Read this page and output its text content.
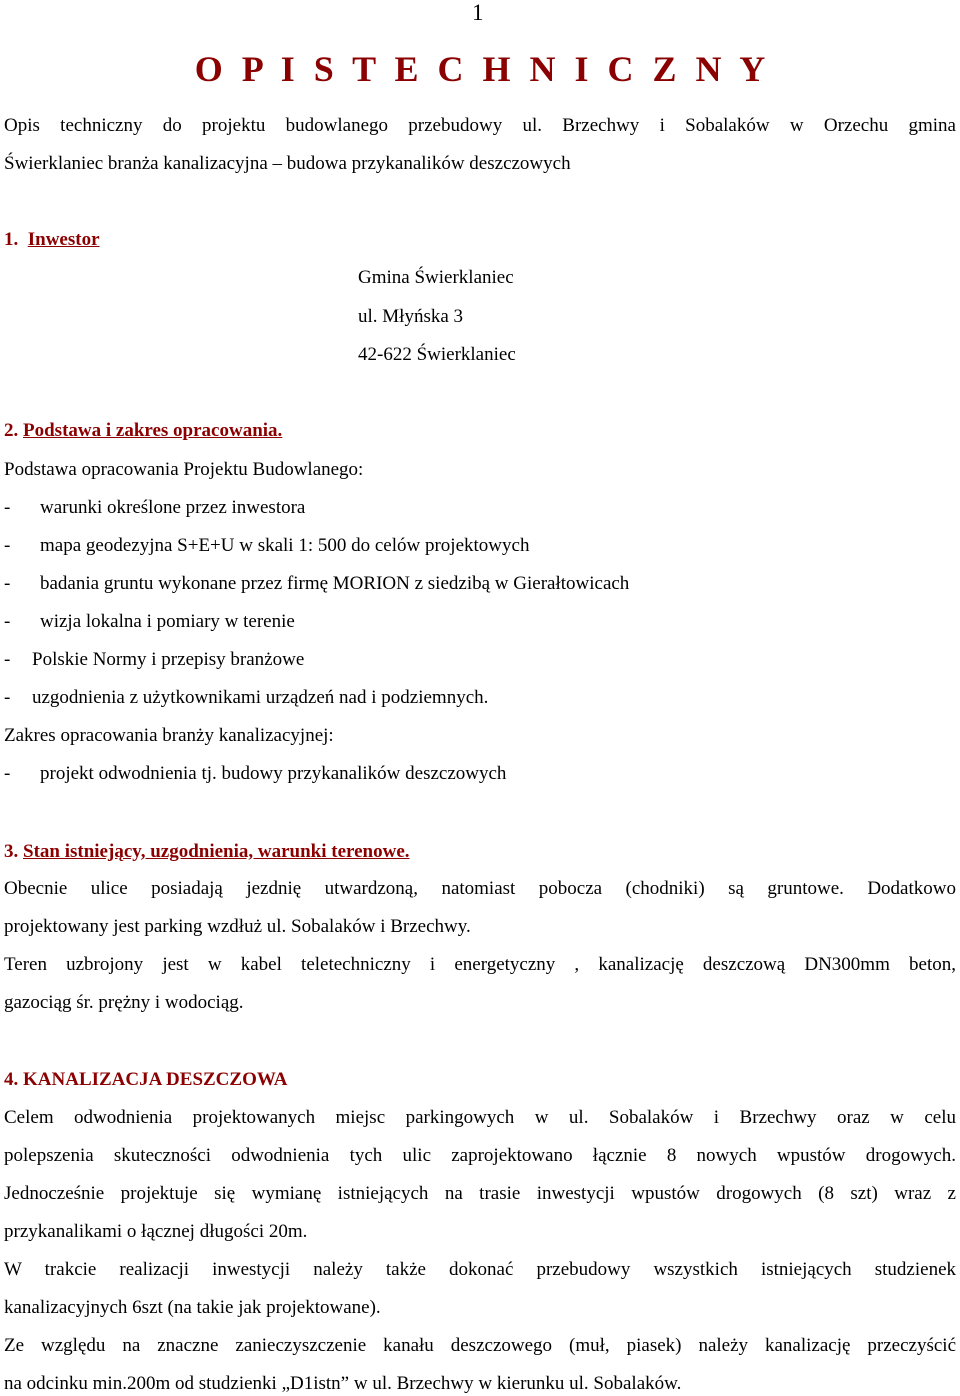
1
O P I S T E C H N I C Z N Y
Opis techniczny do projektu budowlanego przebudowy ul. Brzechwy i Sobalaków w Orzechu gmina
Świerklaniec branża kanalizacyjna – budowa przykanalików deszczowych
1. Inwestor
Gmina Świerklaniec
ul. Młyńska 3
42-622 Świerklaniec
2. Podstawa i zakres opracowania.
Podstawa opracowania Projektu Budowlanego:
- warunki określone przez inwestora
- mapa geodezyjna S+E+U w skali 1: 500 do celów projektowych
- badania gruntu wykonane przez firmę MORION z siedzibą w Gierałtowicach
- wizja lokalna i pomiary w terenie
- Polskie Normy i przepisy branżowe
- uzgodnienia z użytkownikami urządzeń nad i podziemnych.
Zakres opracowania branży kanalizacyjnej:
- projekt odwodnienia tj. budowy przykanalików deszczowych
3. Stan istniejący, uzgodnienia, warunki terenowe.
Obecnie ulice posiadają jezdnię utwardzoną, natomiast pobocza (chodniki) są gruntowe. Dodatkowo
projektowany jest parking wzdłuż ul. Sobalaków i Brzechwy.
Teren uzbrojony jest w kabel teletechniczny i energetyczny , kanalizację deszczową DN300mm beton,
gazociąg śr. prężny i wodociąg.
4. KANALIZACJA DESZCZOWA
Celem odwodnienia projektowanych miejsc parkingowych w ul. Sobalaków i Brzechwy oraz w celu
polepszenia skuteczności odwodnienia tych ulic zaprojektowano łącznie 8 nowych wpustów drogowych.
Jednocześnie projektuje się wymianę istniejących na trasie inwestycji wpustów drogowych (8 szt) wraz z
przykanalikami o łącznej długości 20m.
W trakcie realizacji inwestycji należy także dokonać przebudowy wszystkich istniejących studzienek
kanalizacyjnych 6szt (na takie jak projektowane).
Ze względu na znaczne zanieczyszczenie kanału deszczowego (muł, piasek) należy kanalizację przeczyścić
na odcinku min.200m od studzienki „D1istn” w ul. Brzechwy w kierunku ul. Sobalaków.
